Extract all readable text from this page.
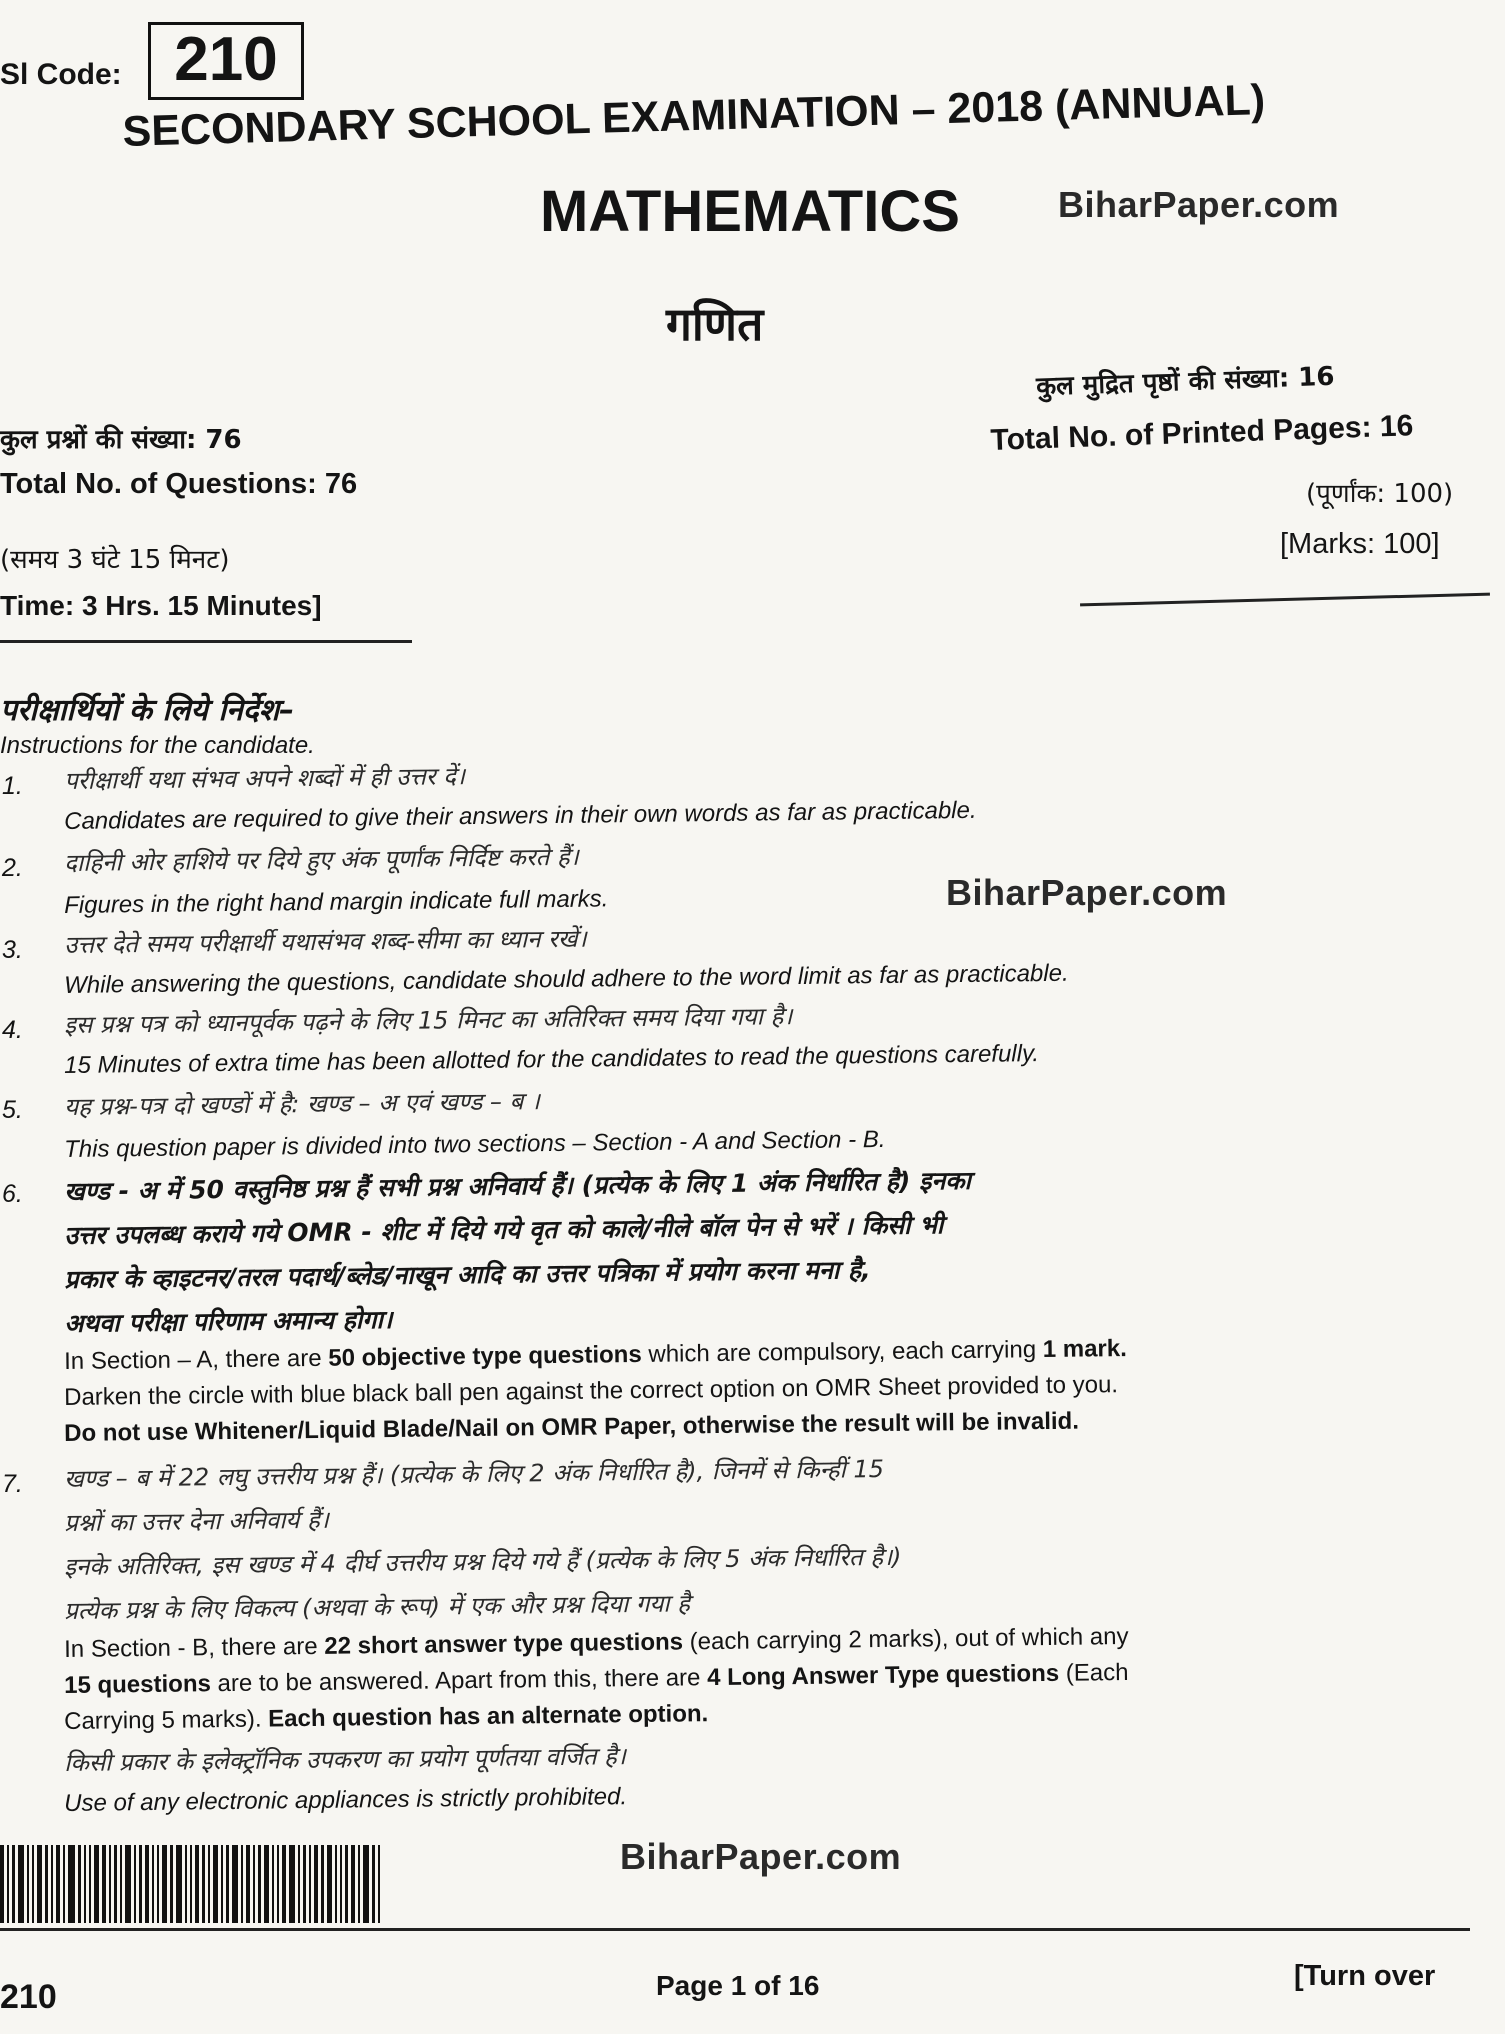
Sl Code: 210
SECONDARY SCHOOL EXAMINATION – 2018 (ANNUAL)
MATHEMATICS	BiharPaper.com
गणित
कुल प्रश्नों की संख्या: 76
Total No. of Questions: 76
(समय 3 घंटे 15 मिनट)
Time: 3 Hrs. 15 Minutes]
कुल मुद्रित पृष्ठों की संख्या: 16
Total No. of Printed Pages: 16
(पूर्णांक: 100)
[Marks: 100]
परीक्षार्थियों के लिये निर्देश–
Instructions for the candidate.
1.
2.
3.
4.
5.
6.
7.
परीक्षार्थी यथा संभव अपने शब्दों में ही उत्तर दें।
Candidates are required to give their answers in their own words as far as practicable.
दाहिनी ओर हाशिये पर दिये हुए अंक पूर्णांक निर्दिष्ट करते हैं।
Figures in the right hand margin indicate full marks.	BiharPaper.com
उत्तर देते समय परीक्षार्थी यथासंभव शब्द-सीमा का ध्यान रखें।
While answering the questions, candidate should adhere to the word limit as far as practicable.
इस प्रश्न पत्र को ध्यानपूर्वक पढ़ने के लिए 15 मिनट का अतिरिक्त समय दिया गया है।
15 Minutes of extra time has been allotted for the candidates to read the questions carefully.
यह प्रश्न-पत्र दो खण्डों में है: खण्ड – अ एवं खण्ड – ब ।
This question paper is divided into two sections – Section - A and Section - B.
खण्ड - अ में 50 वस्तुनिष्ठ प्रश्न हैं सभी प्रश्न अनिवार्य हैं। (प्रत्येक के लिए 1 अंक निर्धारित है) इनका
उत्तर उपलब्ध कराये गये OMR - शीट में दिये गये वृत को काले/नीले बॉल पेन से भरें । किसी भी
प्रकार के व्हाइटनर/तरल पदार्थ/ब्लेड/नाखून आदि का उत्तर पत्रिका में प्रयोग करना मना है,
अथवा परीक्षा परिणाम अमान्य होगा।
In Section – A, there are 50 objective type questions which are compulsory, each carrying 1 mark.
Darken the circle with blue black ball pen against the correct option on OMR Sheet provided to you.
Do not use Whitener/Liquid Blade/Nail on OMR Paper, otherwise the result will be invalid.
खण्ड – ब में 22 लघु उत्तरीय प्रश्न हैं। (प्रत्येक के लिए 2 अंक निर्धारित है), जिनमें से किन्हीं 15
प्रश्नों का उत्तर देना अनिवार्य हैं।
इनके अतिरिक्त, इस खण्ड में 4 दीर्घ उत्तरीय प्रश्न दिये गये हैं (प्रत्येक के लिए 5 अंक निर्धारित है।)
प्रत्येक प्रश्न के लिए विकल्प (अथवा के रूप) में एक और प्रश्न दिया गया है
In Section - B, there are 22 short answer type questions (each carrying 2 marks), out of which any
15 questions are to be answered. Apart from this, there are 4 Long Answer Type questions (Each
Carrying 5 marks). Each question has an alternate option.
किसी प्रकार के इलेक्ट्रॉनिक उपकरण का प्रयोग पूर्णतया वर्जित है।
Use of any electronic appliances is strictly prohibited.
BiharPaper.com
210	Page 1 of 16	[Turn over
